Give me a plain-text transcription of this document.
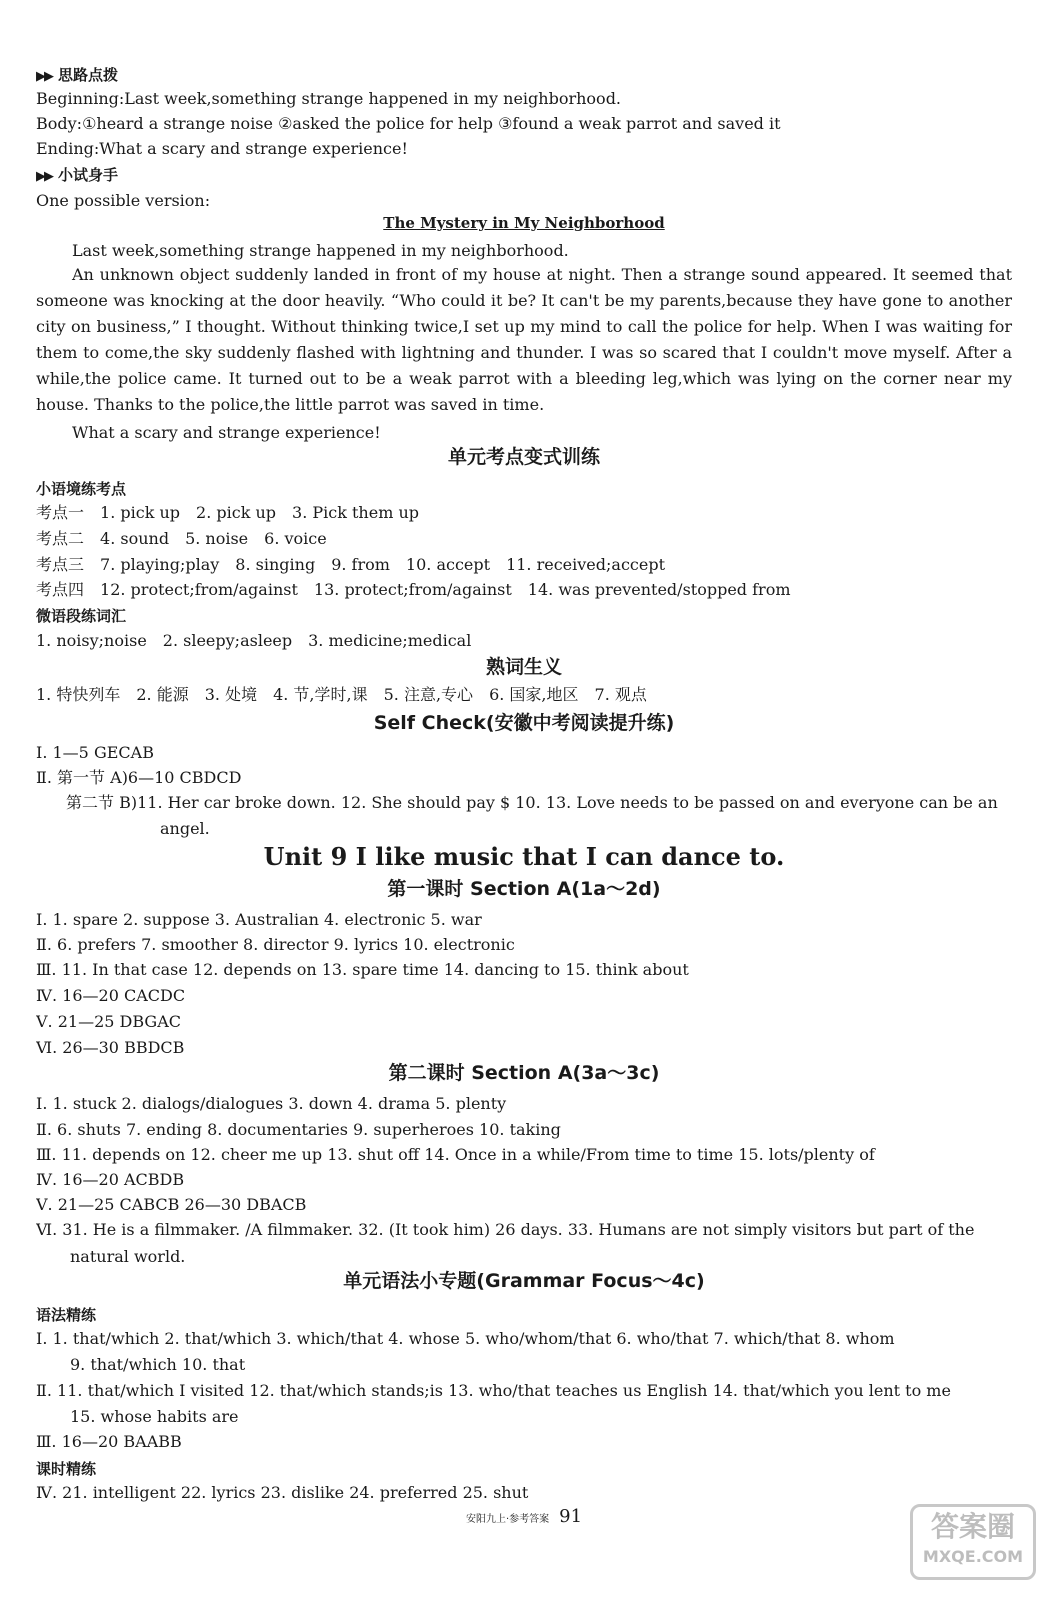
▶▶ 思路点拨
Beginning:Last week,something strange happened in my neighborhood.
Body:①heard a strange noise ②asked the police for help ③found a weak parrot and saved it
Ending:What a scary and strange experience!
▶▶ 小试身手
One possible version:
The Mystery in My Neighborhood
Last week,something strange happened in my neighborhood.
An unknown object suddenly landed in front of my house at night. Then a strange sound appeared. It seemed that someone was knocking at the door heavily. “Who could it be? It can't be my parents,because they have gone to another city on business,” I thought. Without thinking twice,I set up my mind to call the police for help. When I was waiting for them to come,the sky suddenly flashed with lightning and thunder. I was so scared that I couldn't move myself. After a while,the police came. It turned out to be a weak parrot with a bleeding leg,which was lying on the corner near my house. Thanks to the police,the little parrot was saved in time.
What a scary and strange experience!
单元考点变式训练
小语境练考点
考点一 1. pick up 2. pick up 3. Pick them up
考点二 4. sound 5. noise 6. voice
考点三 7. playing;play 8. singing 9. from 10. accept 11. received;accept
考点四 12. protect;from/against 13. protect;from/against 14. was prevented/stopped from
微语段练词汇
1. noisy;noise 2. sleepy;asleep 3. medicine;medical
熟词生义
1. 特快列车 2. 能源 3. 处境 4. 节,学时,课 5. 注意,专心 6. 国家,地区 7. 观点
Self Check(安徽中考阅读提升练)
Ⅰ. 1—5 GECAB
Ⅱ. 第一节 A)6—10 CBDCD
第二节 B)11. Her car broke down. 12. She should pay $ 10. 13. Love needs to be passed on and everyone can be an
angel.
Unit 9 I like music that I can dance to.
第一课时 Section A(1a～2d)
Ⅰ. 1. spare 2. suppose 3. Australian 4. electronic 5. war
Ⅱ. 6. prefers 7. smoother 8. director 9. lyrics 10. electronic
Ⅲ. 11. In that case 12. depends on 13. spare time 14. dancing to 15. think about
Ⅳ. 16—20 CACDC
Ⅴ. 21—25 DBGAC
Ⅵ. 26—30 BBDCB
第二课时 Section A(3a～3c)
Ⅰ. 1. stuck 2. dialogs/dialogues 3. down 4. drama 5. plenty
Ⅱ. 6. shuts 7. ending 8. documentaries 9. superheroes 10. taking
Ⅲ. 11. depends on 12. cheer me up 13. shut off 14. Once in a while/From time to time 15. lots/plenty of
Ⅳ. 16—20 ACBDB
Ⅴ. 21—25 CABCB 26—30 DBACB
Ⅵ. 31. He is a filmmaker. /A filmmaker. 32. (It took him) 26 days. 33. Humans are not simply visitors but part of the
natural world.
单元语法小专题(Grammar Focus～4c)
语法精练
Ⅰ. 1. that/which 2. that/which 3. which/that 4. whose 5. who/whom/that 6. who/that 7. which/that 8. whom
9. that/which 10. that
Ⅱ. 11. that/which I visited 12. that/which stands;is 13. who/that teaches us English 14. that/which you lent to me
15. whose habits are
Ⅲ. 16—20 BAABB
课时精练
Ⅳ. 21. intelligent 22. lyrics 23. dislike 24. preferred 25. shut
安阳九上·参考答案 91	答案圈
MXQE.COM
